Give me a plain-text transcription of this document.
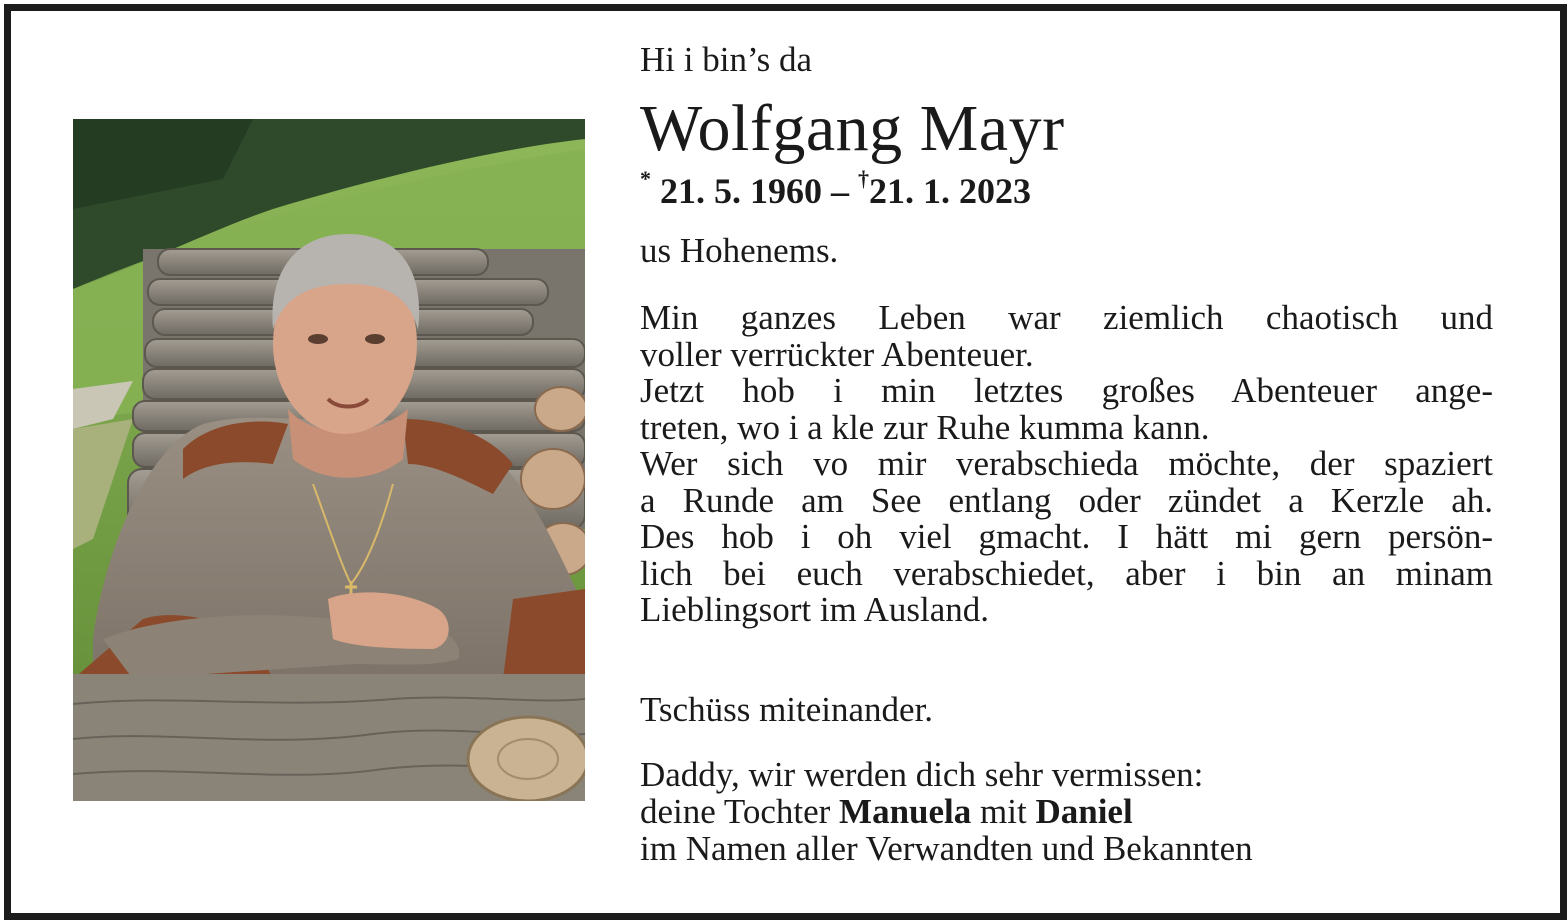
Hi i bin’s da
Wolfgang Mayr
* 21. 5. 1960 – †21. 1. 2023
us Hohenems.
Min ganzes Leben war ziemlich chaotisch und
voller verrückter Abenteuer.
Jetzt hob i min letztes großes Abenteuer ange-
treten, wo i a kle zur Ruhe kumma kann.
Wer sich vo mir verabschieda möchte, der spaziert
a Runde am See entlang oder zündet a Kerzle ah.
Des hob i oh viel gmacht. I hätt mi gern persön-
lich bei euch verabschiedet, aber i bin an minam
Lieblingsort im Ausland.
Tschüss miteinander.
Daddy, wir werden dich sehr vermissen:
deine Tochter Manuela mit Daniel
im Namen aller Verwandten und Bekannten
